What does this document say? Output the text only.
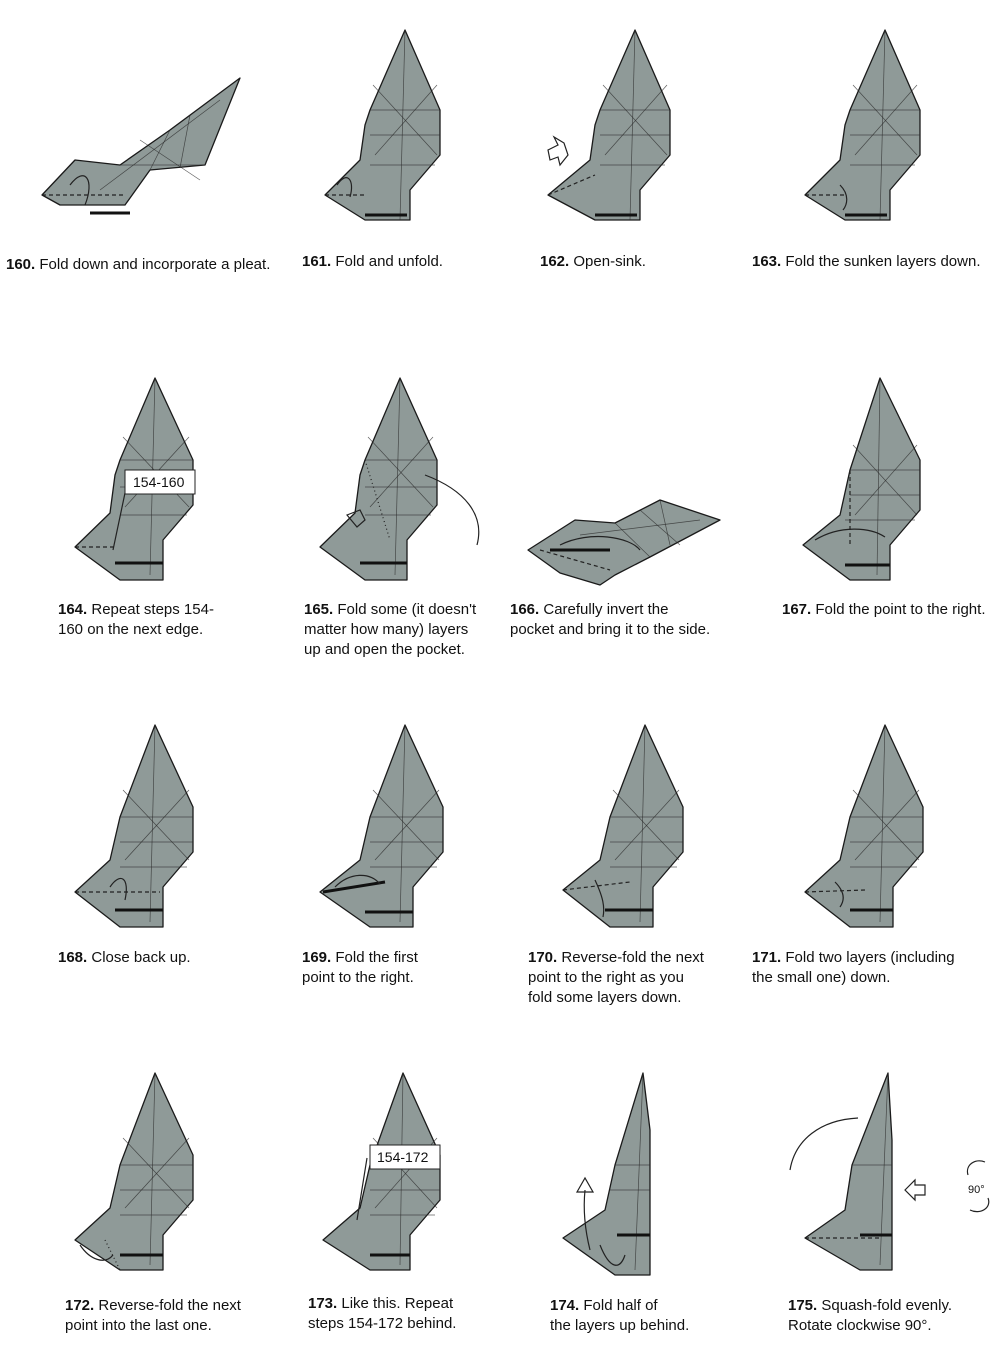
160. Fold down and incorporate a pleat.	161. Fold and unfold.	162. Open-sink.	163. Fold the sunken layers down.
154-160
164. Repeat steps 154-
160 on the next edge.
165. Fold some (it doesn't
matter how many) layers
up and open the pocket.
166. Carefully invert the
pocket and bring it to the side.
167. Fold the point to the right.
168. Close back up.	169. Fold the first
point to the right.
170. Reverse-fold the next
point to the right as you
fold some layers down.
171. Fold two layers (including
the small one) down.
172. Reverse-fold the next
point into the last one.
154-172
173. Like this. Repeat
steps 154-172 behind.
174. Fold half of
the layers up behind.
90°
175. Squash-fold evenly.
Rotate clockwise 90°.
